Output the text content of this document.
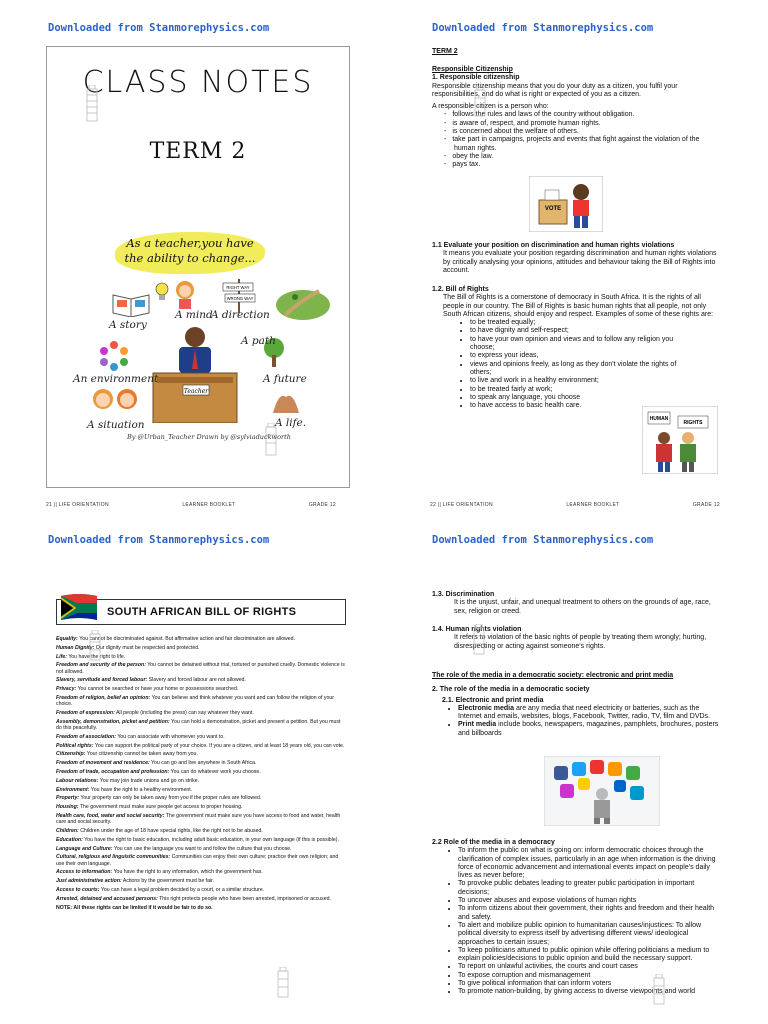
Downloaded from Stanmorephysics.com
CLASS NOTES
TERM 2
As a teacher,you have
the ability to change...
RIGHT WAY
WRONG WAY
Teacher
A story
A mind
A direction
A path
An environment	A future
A situation	A life.
By @Urban_Teacher Drawn by @sylviaduckworth
21 || LIFE ORIENTATION	LEARNER BOOKLET	GRADE 12
Downloaded from Stanmorephysics.com
TERM 2
Responsible Citizenship
1. Responsible citizenship
Responsible citizenship means that you do your duty as a citizen, you fulfil your responsibilities, and do what is right or expected of you as a citizen.
A responsible citizen is a person who:
- follows the rules and laws of the country without obligation.
- is aware of, respect, and promote human rights.
- is concerned about the welfare of others.
- take part in campaigns, projects and events that fight against the violation of the human rights.
- obey the law.
- pays tax.
VOTE
1.1 Evaluate your position on discrimination and human rights violations
It means you evaluate your position regarding discrimination and human rights violations by critically analysing your opinions, attitudes and behaviour taking the Bill of Rights into account.
1.2. Bill of Rights
The Bill of Rights is a cornerstone of democracy in South Africa. It is the rights of all people in our country. The Bill of Rights is basic human rights that all people, not only South African citizens, should enjoy and respect. Examples of some of these rights are:
• to be treated equally;
• to have dignity and self-respect;
• to have your own opinion and views and to follow any religion you choose;
• to express your ideas,
• views and opinions freely, as long as they don't violate the rights of others;
• to live and work in a healthy environment;
• to be treated fairly at work;
• to speak any language, you choose
• to have access to basic health care.
HUMAN
RIGHTS
22 || LIFE ORIENTATION	LEARNER BOOKLET	GRADE 12
Downloaded from Stanmorephysics.com
SOUTH AFRICAN BILL OF RIGHTS

Equality: You cannot be discriminated against. But affirmative action and fair discrimination are allowed.

Human Dignity: Our dignity must be respected and protected.

Life: You have the right to life.

Freedom and security of the person: You cannot be detained without trial, tortured or punished cruelly. Domestic violence is not allowed.

Slavery, servitude and forced labour: Slavery and forced labour are not allowed.

Privacy: You cannot be searched or have your home or possessions searched.

Freedom of religion, belief an opinion: You can believe and think whatever you want and can follow the religion of your choice.

Freedom of expression: All people (including the press) can say whatever they want.

Assembly, demonstration, picket and petition: You can hold a demonstration, picket and present a petition. But you must do this peacefully.

Freedom of association: You can associate with whomever you want to.

Political rights: You can support the political party of your choice. If you are a citizen, and at least 18 years old, you can vote.

Citizenship: Your citizenship cannot be taken away from you.

Freedom of movement and residence: You can go and live anywhere in South Africa.

Freedom of trade, occupation and profession: You can do whatever work you choose.

Labour relations: You may join trade unions and go on strike.

Environment: You have the right to a healthy environment.

Property: Your property can only be taken away from you if the proper rules are followed.

Housing: The government must make sure people get access to proper housing.

Health care, food, water and social security: The government must make sure you have access to food and water, health care and social security.

Children: Children under the age of 18 have special rights, like the right not to be abused.

Education: You have the right to basic education, including adult basic education, in your own language (if this is possible).

Language and Culture: You can use the language you want to and follow the culture that you choose.

Cultural, religious and linguistic communities: Communities can enjoy their own culture; practice their own religion; and use their own language.

Access to information: You have the right to any information, which the government has.

Just administrative action: Actions by the government must be fair.

Access to courts: You can have a legal problem decided by a court, or a similar structure.

Arrested, detained and accused persons: This right protects people who have been arrested, imprisoned or accused.

NOTE: All these rights can be limited if it would be fair to do so.

Downloaded from Stanmorephysics.com
1.3. Discrimination
It is the unjust, unfair, and unequal treatment to others on the grounds of age, race, sex, religion or creed.
1.4. Human rights violation
It refers to violation of the basic rights of people by treating them wrongly; hurting, disrespecting or acting against someone's rights.
The role of the media in a democratic society: electronic and print media
2. The role of the media in a democratic society
2.1. Electronic and print media
• Electronic media are any media that need electricity or batteries, such as the Internet and emails, websites, blogs, Facebook, Twitter, radio, TV, film and DVDs.
• Print media include books, newspapers, magazines, pamphlets, brochures, posters and billboards
2.2 Role of the media in a democracy
• To inform the public on what is going on: inform democratic choices through the clarification of complex issues, particularly in an age when information is the driving force of economic advancement and international events impact on people's daily lives as never before;
• To provoke public debates leading to greater public participation in important decisions;
• To uncover abuses and expose violations of human rights
• To inform citizens about their government, their rights and freedom and their health and safety.
• To alert and mobilize public opinion to humanitarian causes/injustices: To allow political diversity to express itself by advertising different views/ ideological approaches to certain issues;
• To keep politicians attuned to public opinion while offering politicians a medium to explain policies/decisions to public opinion and build the necessary support.
• To report on unlawful activities, the courts and court cases
• To expose corruption and mismanagement
• To give political information that can inform voters
• To promote nation-building, by giving access to diverse viewpoints and world
